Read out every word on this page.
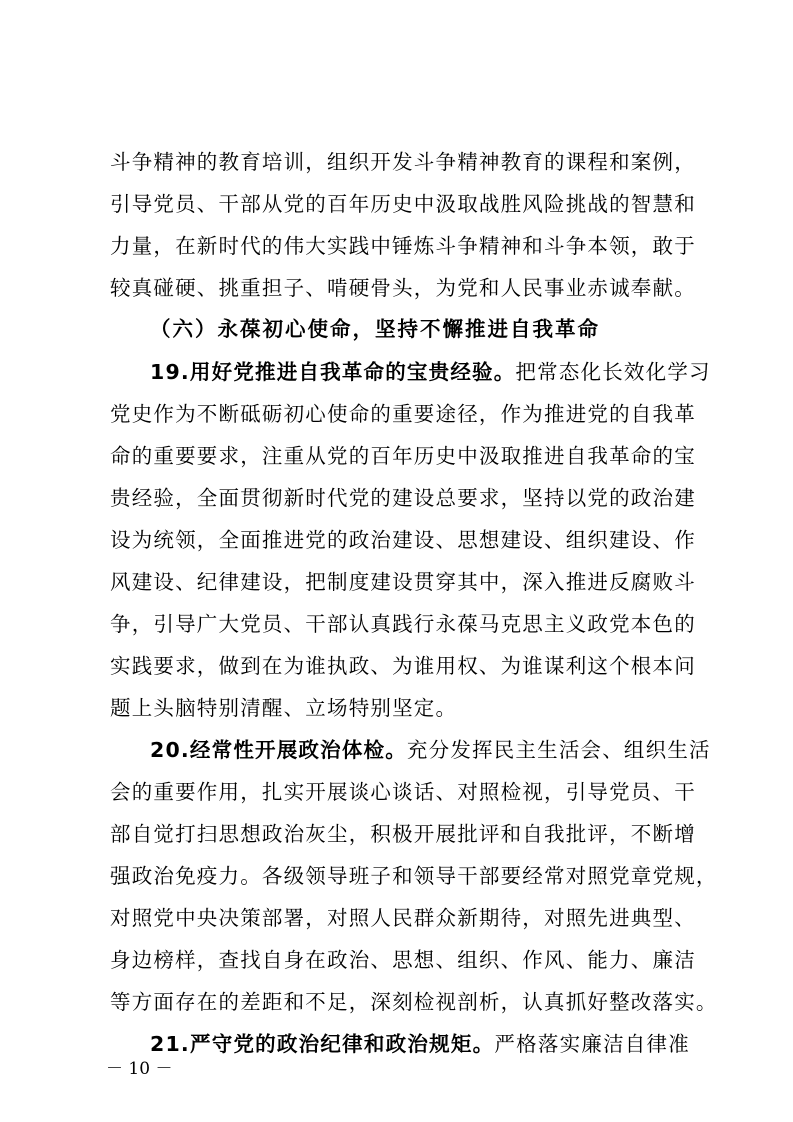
斗争精神的教育培训，组织开发斗争精神教育的课程和案例，
引导党员、干部从党的百年历史中汲取战胜风险挑战的智慧和
力量，在新时代的伟大实践中锤炼斗争精神和斗争本领，敢于
较真碰硬、挑重担子、啃硬骨头，为党和人民事业赤诚奉献。
（六）永葆初心使命，坚持不懈推进自我革命
19.用好党推进自我革命的宝贵经验。把常态化长效化学习
党史作为不断砥砺初心使命的重要途径，作为推进党的自我革
命的重要要求，注重从党的百年历史中汲取推进自我革命的宝
贵经验，全面贯彻新时代党的建设总要求，坚持以党的政治建
设为统领，全面推进党的政治建设、思想建设、组织建设、作
风建设、纪律建设，把制度建设贯穿其中，深入推进反腐败斗
争，引导广大党员、干部认真践行永葆马克思主义政党本色的
实践要求，做到在为谁执政、为谁用权、为谁谋利这个根本问
题上头脑特别清醒、立场特别坚定。
20.经常性开展政治体检。充分发挥民主生活会、组织生活
会的重要作用，扎实开展谈心谈话、对照检视，引导党员、干
部自觉打扫思想政治灰尘，积极开展批评和自我批评，不断增
强政治免疫力。各级领导班子和领导干部要经常对照党章党规，
对照党中央决策部署，对照人民群众新期待，对照先进典型、
身边榜样，查找自身在政治、思想、组织、作风、能力、廉洁
等方面存在的差距和不足，深刻检视剖析，认真抓好整改落实。
21.严守党的政治纪律和政治规矩。严格落实廉洁自律准
－ 10 －
